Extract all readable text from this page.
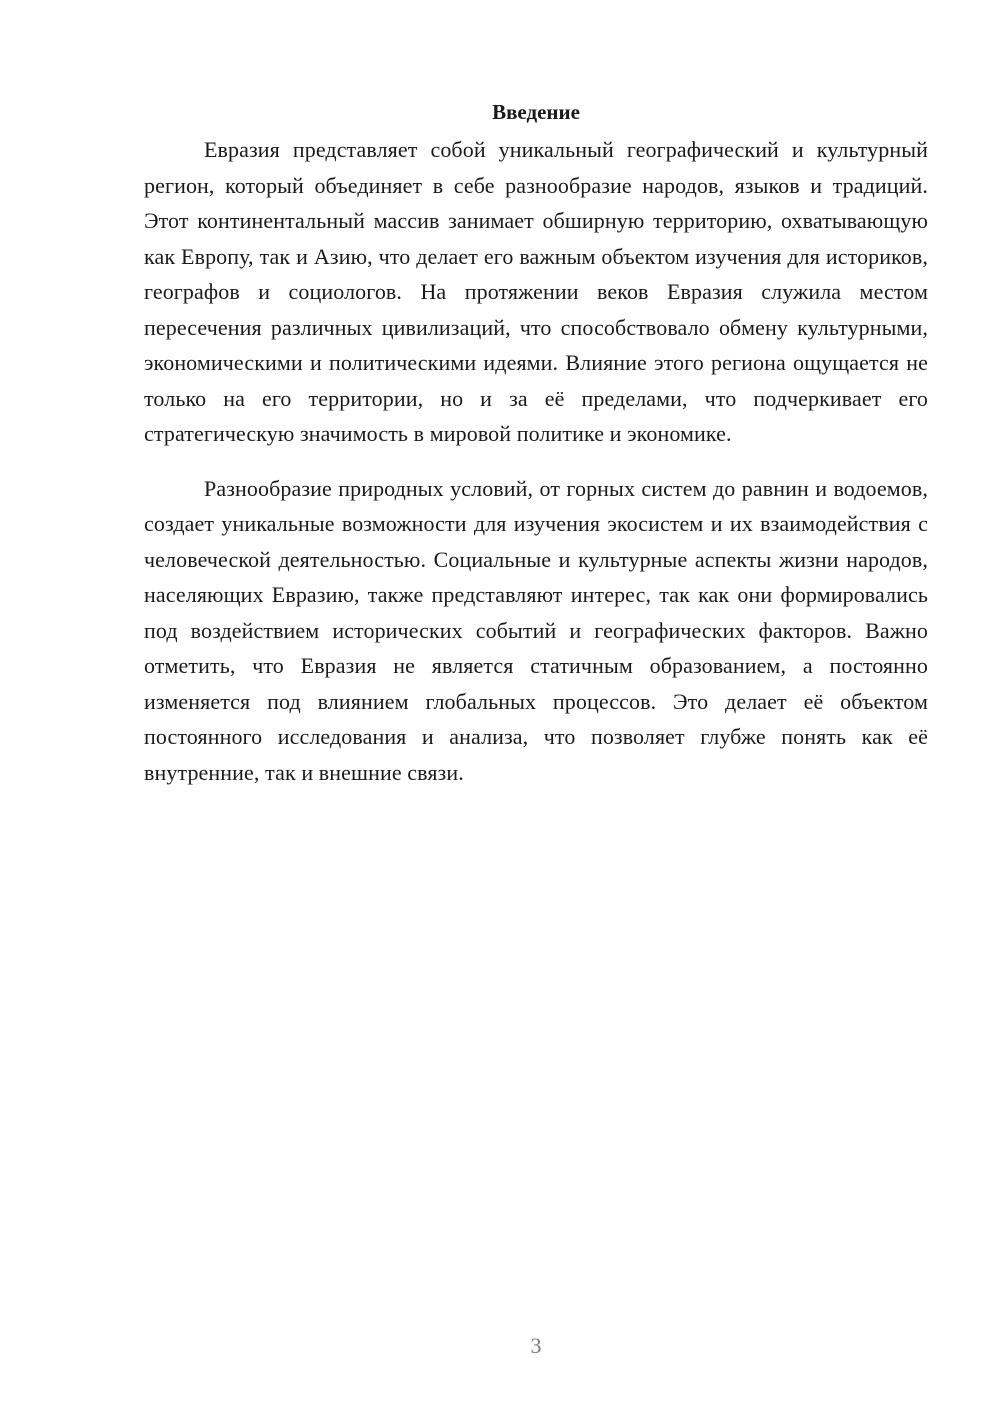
Введение

Евразия представляет собой уникальный географический и культурный регион, который объединяет в себе разнообразие народов, языков и традиций. Этот континентальный массив занимает обширную территорию, охватывающую как Европу, так и Азию, что делает его важным объектом изучения для историков, географов и социологов. На протяжении веков Евразия служила местом пересечения различных цивилизаций, что способствовало обмену культурными, экономическими и политическими идеями. Влияние этого региона ощущается не только на его территории, но и за её пределами, что подчеркивает его стратегическую значимость в мировой политике и экономике.

Разнообразие природных условий, от горных систем до равнин и водоемов, создает уникальные возможности для изучения экосистем и их взаимодействия с человеческой деятельностью. Социальные и культурные аспекты жизни народов, населяющих Евразию, также представляют интерес, так как они формировались под воздействием исторических событий и географических факторов. Важно отметить, что Евразия не является статичным образованием, а постоянно изменяется под влиянием глобальных процессов. Это делает её объектом постоянного исследования и анализа, что позволяет глубже понять как её внутренние, так и внешние связи.

3
